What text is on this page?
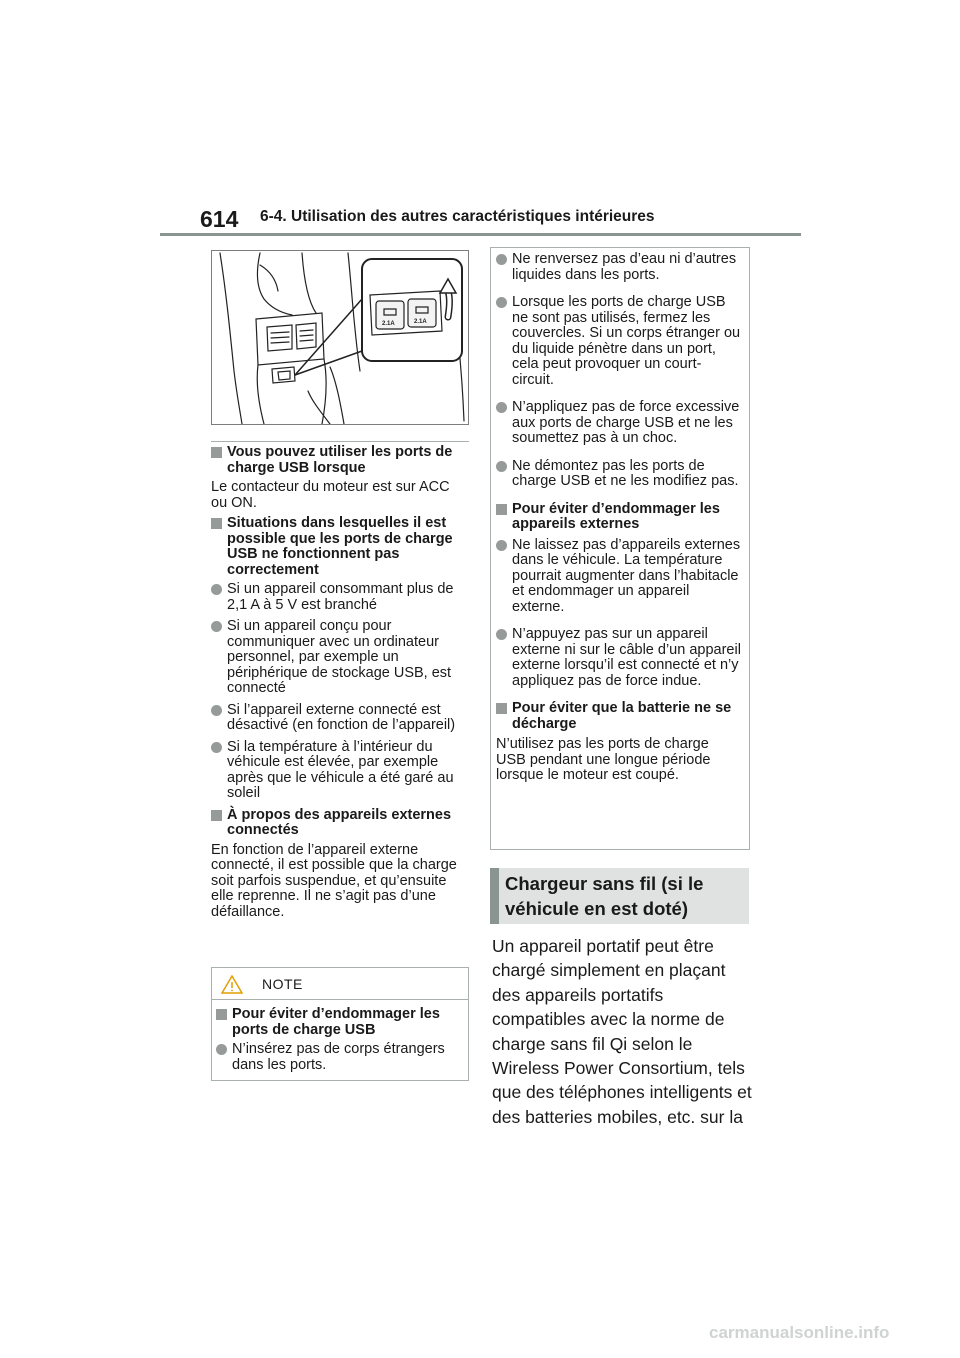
614 6-4. Utilisation des autres caractéristiques intérieures
2.1A	2.1A
Vous pouvez utiliser les ports de charge USB lorsque
Le contacteur du moteur est sur ACC ou ON.
Situations dans lesquelles il est possible que les ports de charge USB ne fonctionnent pas correctement
Si un appareil consommant plus de 2,1 A à 5 V est branché
Si un appareil conçu pour communiquer avec un ordinateur personnel, par exemple un périphérique de stockage USB, est connecté
Si l’appareil externe connecté est désactivé (en fonction de l’appareil)
Si la température à l’intérieur du véhicule est élevée, par exemple après que le véhicule a été garé au soleil
À propos des appareils externes connectés
En fonction de l’appareil externe connecté, il est possible que la charge soit parfois suspendue, et qu’ensuite elle reprenne. Il ne s’agit pas d’une défaillance.
NOTE
Pour éviter d’endommager les ports de charge USB
N’insérez pas de corps étrangers dans les ports.
Ne renversez pas d’eau ni d’autres liquides dans les ports.
Lorsque les ports de charge USB ne sont pas utilisés, fermez les couvercles. Si un corps étranger ou du liquide pénètre dans un port, cela peut provoquer un court-circuit.
N’appliquez pas de force excessive aux ports de charge USB et ne les soumettez pas à un choc.
Ne démontez pas les ports de charge USB et ne les modifiez pas.
Pour éviter d’endommager les appareils externes
Ne laissez pas d’appareils externes dans le véhicule. La température pourrait augmenter dans l’habitacle et endommager un appareil externe.
N’appuyez pas sur un appareil externe ni sur le câble d’un appareil externe lorsqu’il est connecté et n’y appliquez pas de force indue.
Pour éviter que la batterie ne se décharge
N’utilisez pas les ports de charge USB pendant une longue période lorsque le moteur est coupé.
Chargeur sans fil (si le véhicule en est doté)
Un appareil portatif peut être chargé simplement en plaçant des appareils portatifs compatibles avec la norme de charge sans fil Qi selon le Wireless Power Consortium, tels que des téléphones intelligents et des batteries mobiles, etc. sur la
carmanualsonline.info
